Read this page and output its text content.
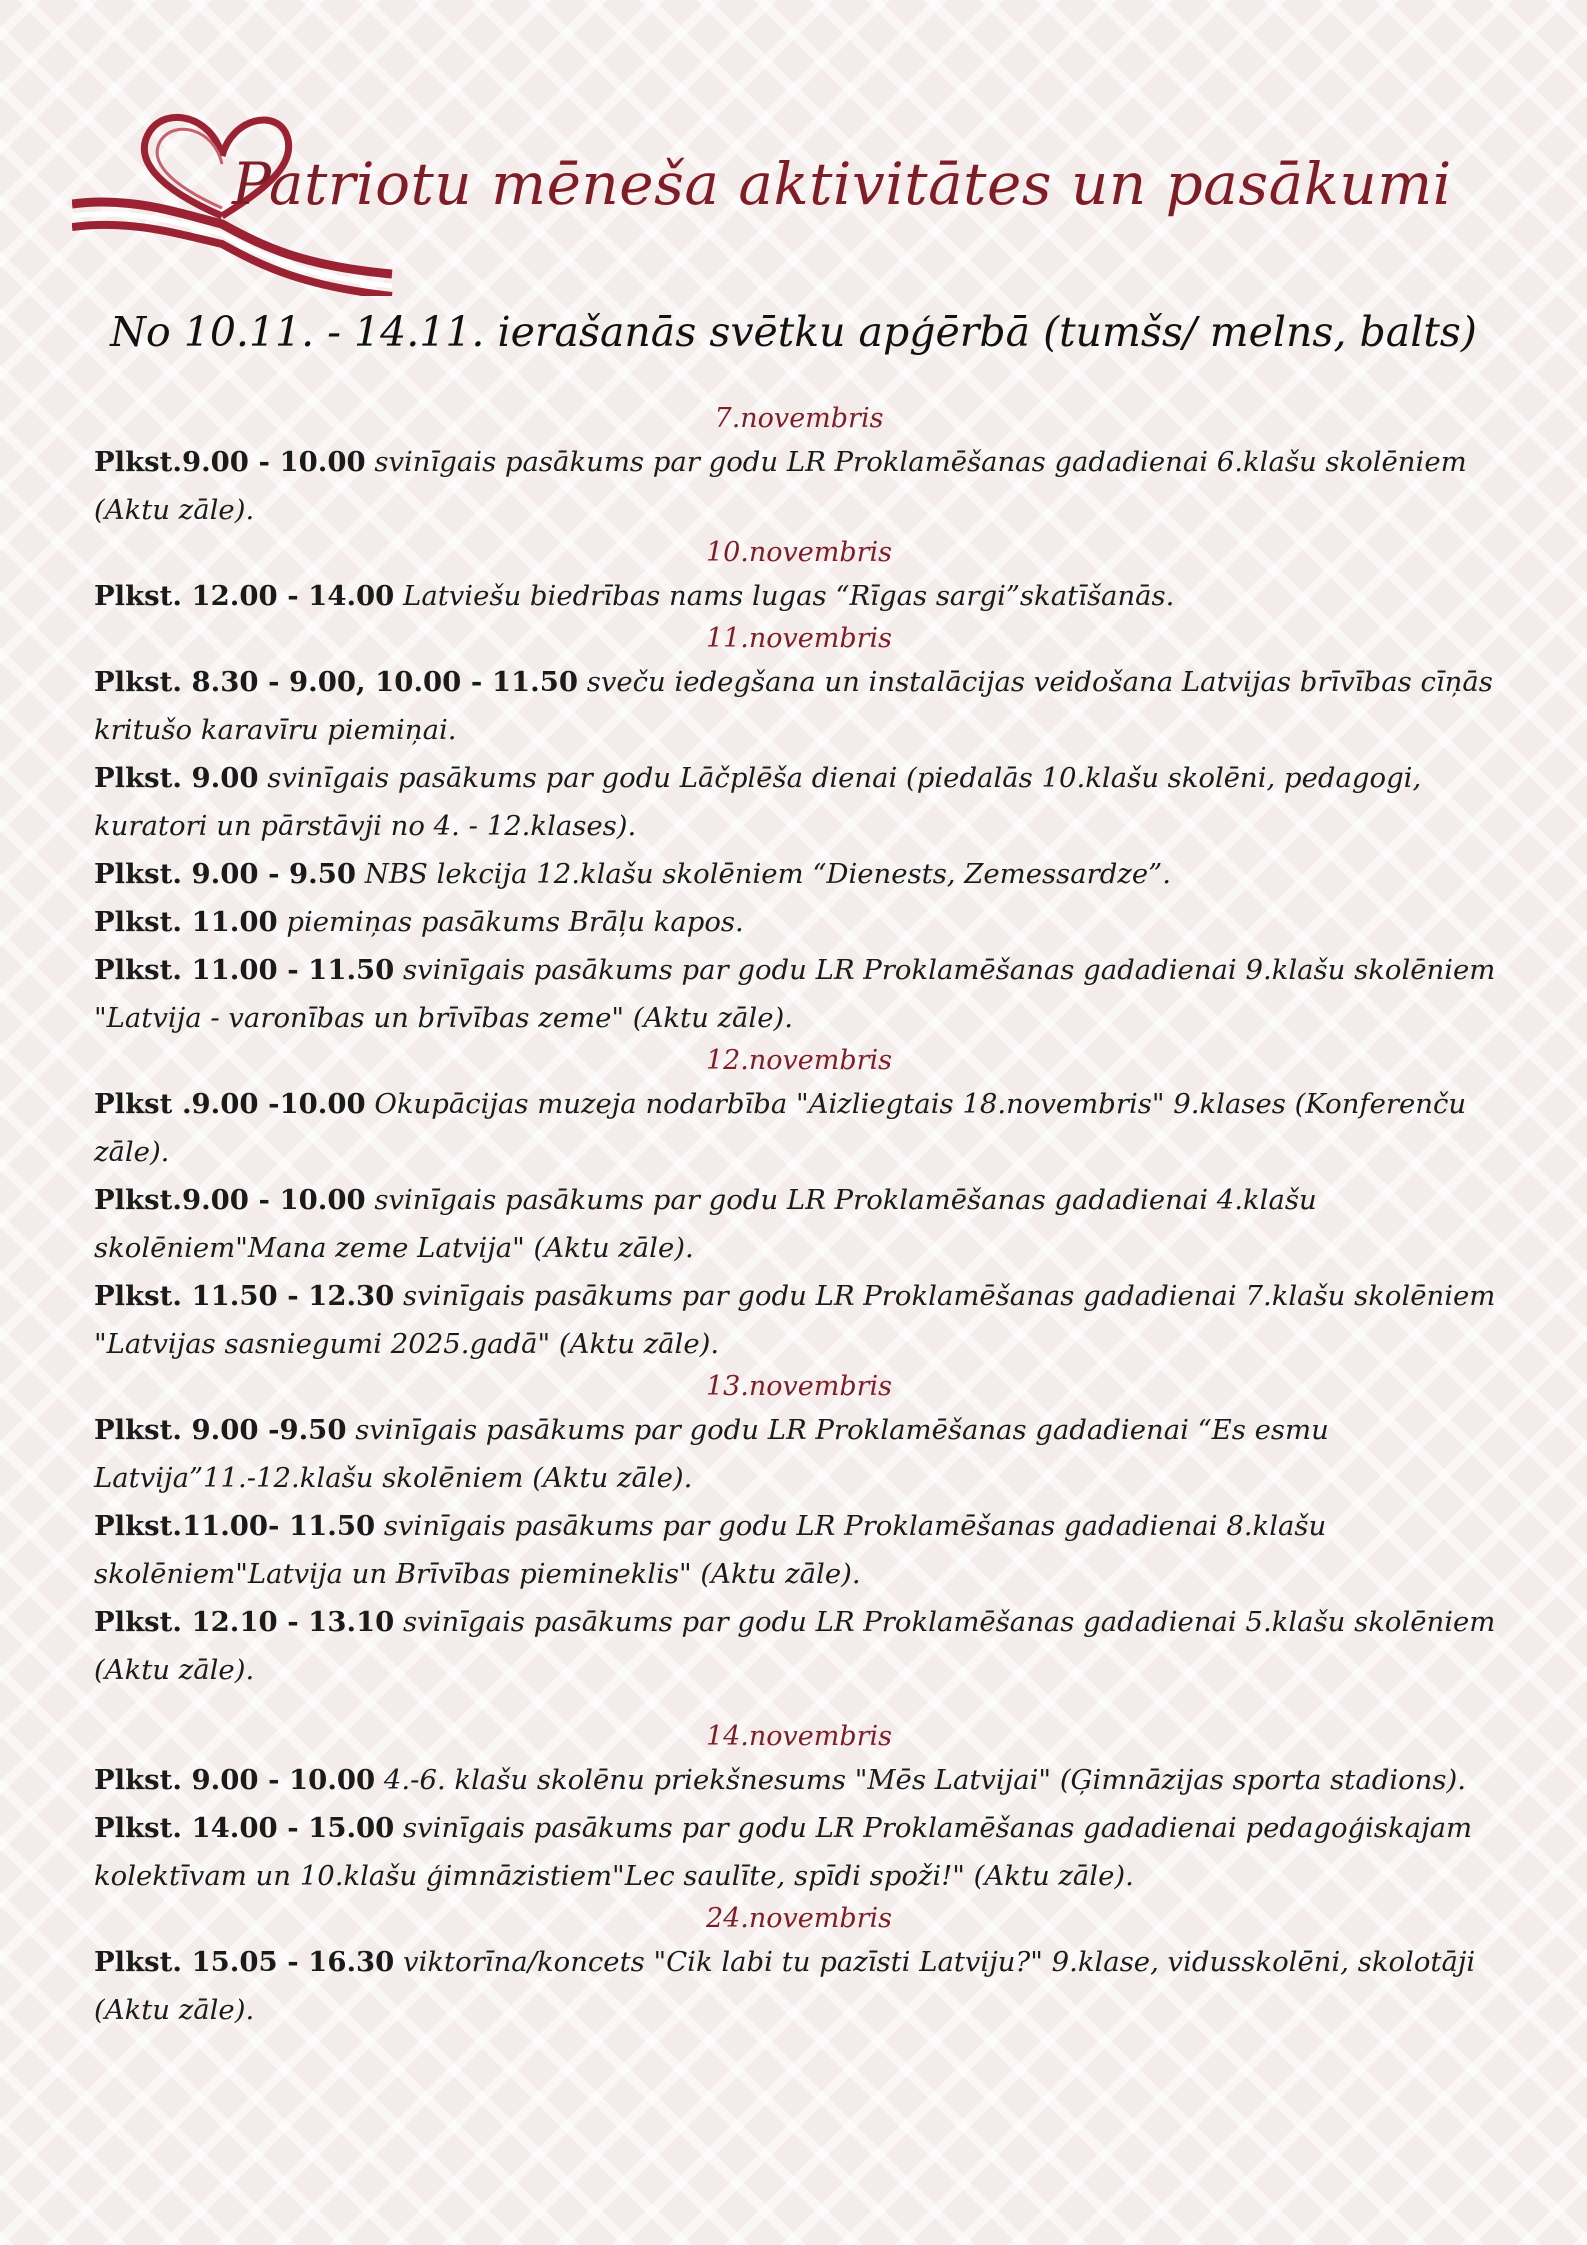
Patriotu mēneša aktivitātes un pasākumi
No 10.11. - 14.11. ierašanās svētku apģērbā (tumšs/ melns, balts)
7.novembris

Plkst.9.00 - 10.00 svinīgais pasākums par godu LR Proklamēšanas gadadienai 6.klašu skolēniem (Aktu zāle).

10.novembris

Plkst. 12.00 - 14.00 Latviešu biedrības nams lugas “Rīgas sargi”skatīšanās.

11.novembris

Plkst. 8.30 - 9.00, 10.00 - 11.50 sveču iedegšana un instalācijas veidošana Latvijas brīvības cīņās kritušo karavīru piemiņai.

Plkst. 9.00 svinīgais pasākums par godu Lāčplēša dienai (piedalās 10.klašu skolēni, pedagogi, kuratori un pārstāvji no 4. - 12.klases).

Plkst. 9.00 - 9.50 NBS lekcija 12.klašu skolēniem “Dienests, Zemessardze”.

Plkst. 11.00 piemiņas pasākums Brāļu kapos.

Plkst. 11.00 - 11.50 svinīgais pasākums par godu LR Proklamēšanas gadadienai 9.klašu skolēniem "Latvija - varonības un brīvības zeme" (Aktu zāle).

12.novembris

Plkst .9.00 -10.00 Okupācijas muzeja nodarbība "Aizliegtais 18.novembris" 9.klases (Konferenču zāle).

Plkst.9.00 - 10.00 svinīgais pasākums par godu LR Proklamēšanas gadadienai 4.klašu skolēniem"Mana zeme Latvija" (Aktu zāle).

Plkst. 11.50 - 12.30 svinīgais pasākums par godu LR Proklamēšanas gadadienai 7.klašu skolēniem "Latvijas sasniegumi 2025.gadā" (Aktu zāle).

13.novembris

Plkst. 9.00 -9.50 svinīgais pasākums par godu LR Proklamēšanas gadadienai “Es esmu Latvija”11.-12.klašu skolēniem (Aktu zāle).

Plkst.11.00- 11.50 svinīgais pasākums par godu LR Proklamēšanas gadadienai 8.klašu skolēniem"Latvija un Brīvības piemineklis" (Aktu zāle).

Plkst. 12.10 - 13.10 svinīgais pasākums par godu LR Proklamēšanas gadadienai 5.klašu skolēniem (Aktu zāle).

14.novembris

Plkst. 9.00 - 10.00 4.-6. klašu skolēnu priekšnesums "Mēs Latvijai" (Ģimnāzijas sporta stadions).

Plkst. 14.00 - 15.00 svinīgais pasākums par godu LR Proklamēšanas gadadienai pedagoģiskajam kolektīvam un 10.klašu ģimnāzistiem"Lec saulīte, spīdi spoži!" (Aktu zāle).

24.novembris

Plkst. 15.05 - 16.30 viktorīna/koncets "Cik labi tu pazīsti Latviju?" 9.klase, vidusskolēni, skolotāji (Aktu zāle).
